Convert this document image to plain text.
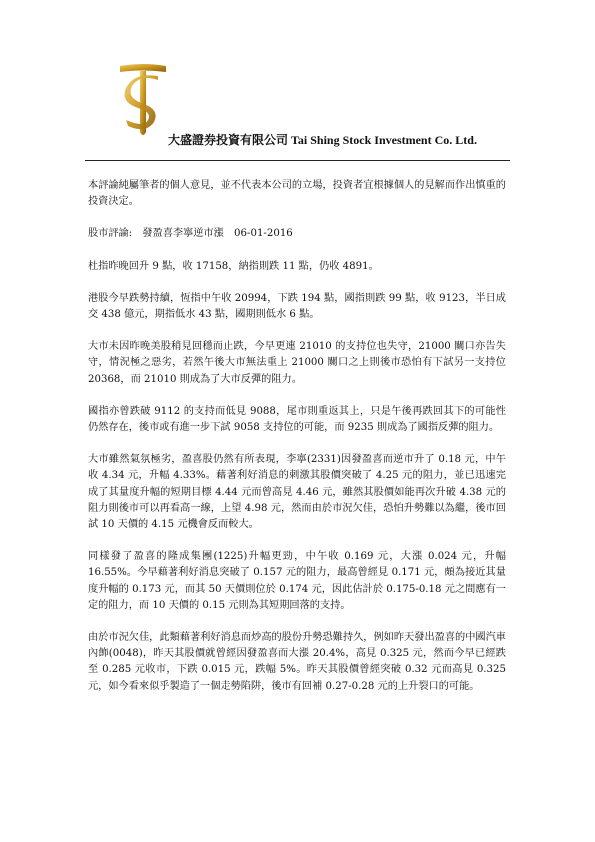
大盛證券投資有限公司 Tai Shing Stock Investment Co. Ltd.

本評論純屬筆者的個人意見，並不代表本公司的立場，投資者宜根據個人的見解而作出慎重的投資決定。

股市評論:　發盈喜李寧逆市漲　06-01-2016

杜指昨晚回升 9 點，收 17158，納指則跌 11 點，仍收 4891。

港股今早跌勢持續，恆指中午收 20994，下跌 194 點，國指則跌 99 點，收 9123，半日成交 438 億元，期指低水 43 點，國期則低水 6 點。

大市未因昨晚美股稍見回穩而止跌，今早更連 21010 的支持位也失守，21000 關口亦告失守，情況極之惡劣，若然午後大市無法重上 21000 關口之上則後市恐怕有下試另一支持位 20368，而 21010 則成為了大市反彈的阻力。

國指亦曾跌破 9112 的支持而低見 9088，尾市則重返其上，只是午後再跌回其下的可能性仍然存在，後市或有進一步下試 9058 支持位的可能，而 9235 則成為了國指反彈的阻力。

大市雖然氣氛極劣，盈喜股仍然有所表現，李寧(2331)因發盈喜而逆市升了 0.18 元，中午收 4.34 元，升幅 4.33%。藉著利好消息的刺激其股價突破了 4.25 元的阻力，並已迅速完成了其量度升幅的短期目標 4.44 元而曾高見 4.46 元，雖然其股價如能再次升破 4.38 元的阻力則後市可以再看高一線，上望 4.98 元，然而由於市況欠佳，恐怕升勢難以為繼，後市回試 10 天價的 4.15 元機會反而較大。

同樣發了盈喜的隆成集團(1225)升幅更勁，中午收 0.169 元，大漲 0.024 元，升幅 16.55%。今早藉著利好消息突破了 0.157 元的阻力，最高曾經見 0.171 元，頗為接近其量度升幅的 0.173 元，而其 50 天價則位於 0.174 元，因此估計於 0.175-0.18 元之間應有一定的阻力，而 10 天價的 0.15 元則為其短期回落的支持。

由於市況欠佳，此類藉著利好消息而炒高的股份升勢恐難持久，例如昨天發出盈喜的中國汽車內飾(0048)，昨天其股價就曾經因發盈喜而大漲 20.4%，高見 0.325 元，然而今早已經跌至 0.285 元收市，下跌 0.015 元，跌幅 5%。昨天其股價曾經突破 0.32 元而高見 0.325 元，如今看來似乎製造了一個走勢陷阱，後市有回補 0.27-0.28 元的上升裂口的可能。
